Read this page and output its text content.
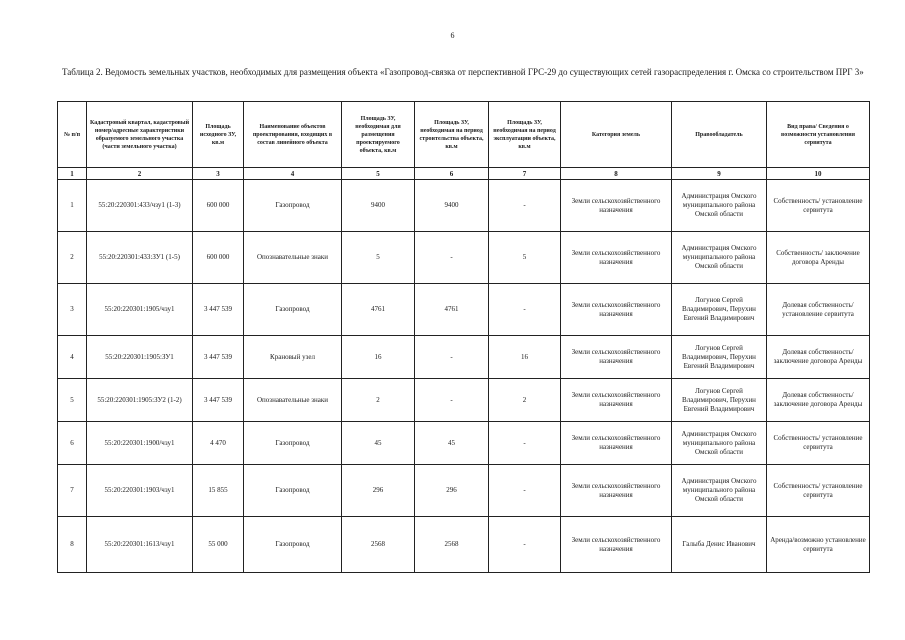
6
Таблица 2. Ведомость земельных участков, необходимых для размещения объекта «Газопровод-связка от перспективной ГРС-29 до существующих сетей газораспределения г. Омска со строительством ПРГ 3»
№ п/п	Кадастровый квартал, кадастровый номер/адресные характеристики образуемого земельного участка (части земельного участка)	Площадь исходного ЗУ, кв.м	Наименование объектов проектирования, входящих в состав линейного объекта	Площадь ЗУ, необходимая для размещения проектируемого объекта, кв.м	Площадь ЗУ, необходимая на период строительства объекта, кв.м	Площадь ЗУ, необходимая на период эксплуатации объекта, кв.м	Категория земель	Правообладатель	Вид права/ Сведения о возможности установления сервитута
1	2	3	4	5	6	7	8	9	10
1	55:20:220301:433/чзу1 (1-3)	600 000	Газопровод	9400	9400	-	Земли сельскохозяйственного назначения	Администрация Омского муниципального района Омской области	Собственность/ установление сервитута
2	55:20:220301:433:ЗУ1 (1-5)	600 000	Опознавательные знаки	5	-	5	Земли сельскохозяйственного назначения	Администрация Омского муниципального района Омской области	Собственность/ заключение договора Аренды
3	55:20:220301:1905/чзу1	3 447 539	Газопровод	4761	4761	-	Земли сельскохозяйственного назначения	Логунов Сергей Владимирович, Перухин Евгений Владимирович	Долевая собственность/ установление сервитута
4	55:20:220301:1905:ЗУ1	3 447 539	Крановый узел	16	-	16	Земли сельскохозяйственного назначения	Логунов Сергей Владимирович, Перухин Евгений Владимирович	Долевая собственность/ заключение договора Аренды
5	55:20:220301:1905:ЗУ2 (1-2)	3 447 539	Опознавательные знаки	2	-	2	Земли сельскохозяйственного назначения	Логунов Сергей Владимирович, Перухин Евгений Владимирович	Долевая собственность/ заключение договора Аренды
6	55:20:220301:1900/чзу1	4 470	Газопровод	45	45	-	Земли сельскохозяйственного назначения	Администрация Омского муниципального района Омской области	Собственность/ установление сервитута
7	55:20:220301:1903/чзу1	15 855	Газопровод	296	296	-	Земли сельскохозяйственного назначения	Администрация Омского муниципального района Омской области	Собственность/ установление сервитута
8	55:20:220301:1613/чзу1	55 000	Газопровод	2568	2568	-	Земли сельскохозяйственного назначения	Галыба Денис Иванович	Аренда/возможно установление сервитута
